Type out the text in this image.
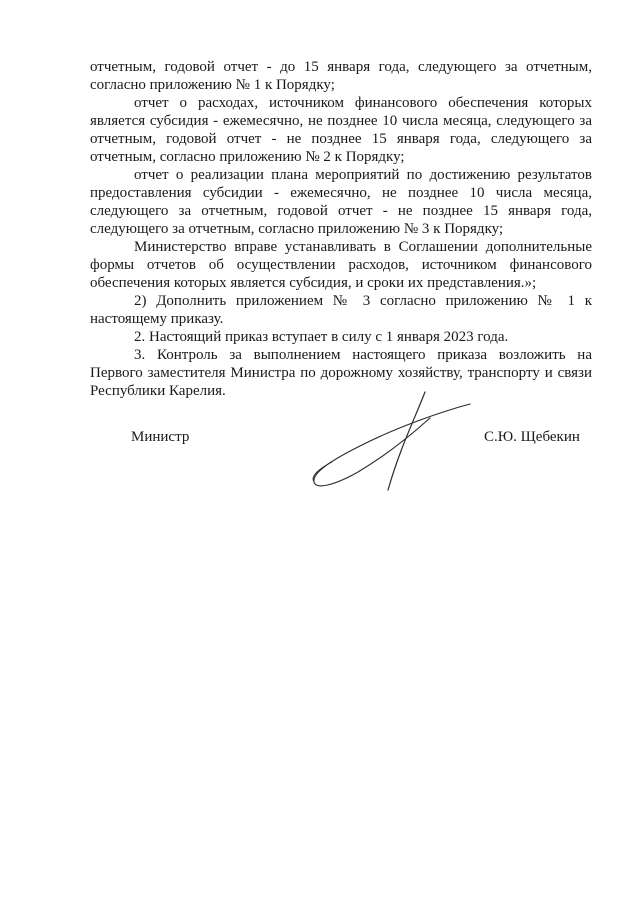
отчетным, годовой отчет - до 15 января года, следующего за отчетным, согласно приложению № 1 к Порядку;

отчет о расходах, источником финансового обеспечения которых является субсидия - ежемесячно, не позднее 10 числа месяца, следующего за отчетным, годовой отчет - не позднее 15 января года, следующего за отчетным, согласно приложению № 2 к Порядку;

отчет о реализации плана мероприятий по достижению результатов предоставления субсидии - ежемесячно, не позднее 10 числа месяца, следующего за отчетным, годовой отчет - не позднее 15 января года, следующего за отчетным, согласно приложению № 3 к Порядку;

Министерство вправе устанавливать в Соглашении дополнительные формы отчетов об осуществлении расходов, источником финансового обеспечения которых является субсидия, и сроки их представления.»;

2) Дополнить приложением № 3 согласно приложению № 1 к настоящему приказу.

2. Настоящий приказ вступает в силу с 1 января 2023 года.

3. Контроль за выполнением настоящего приказа возложить на Первого заместителя Министра по дорожному хозяйству, транспорту и связи Республики Карелия.

Министр	С.Ю. Щебекин
